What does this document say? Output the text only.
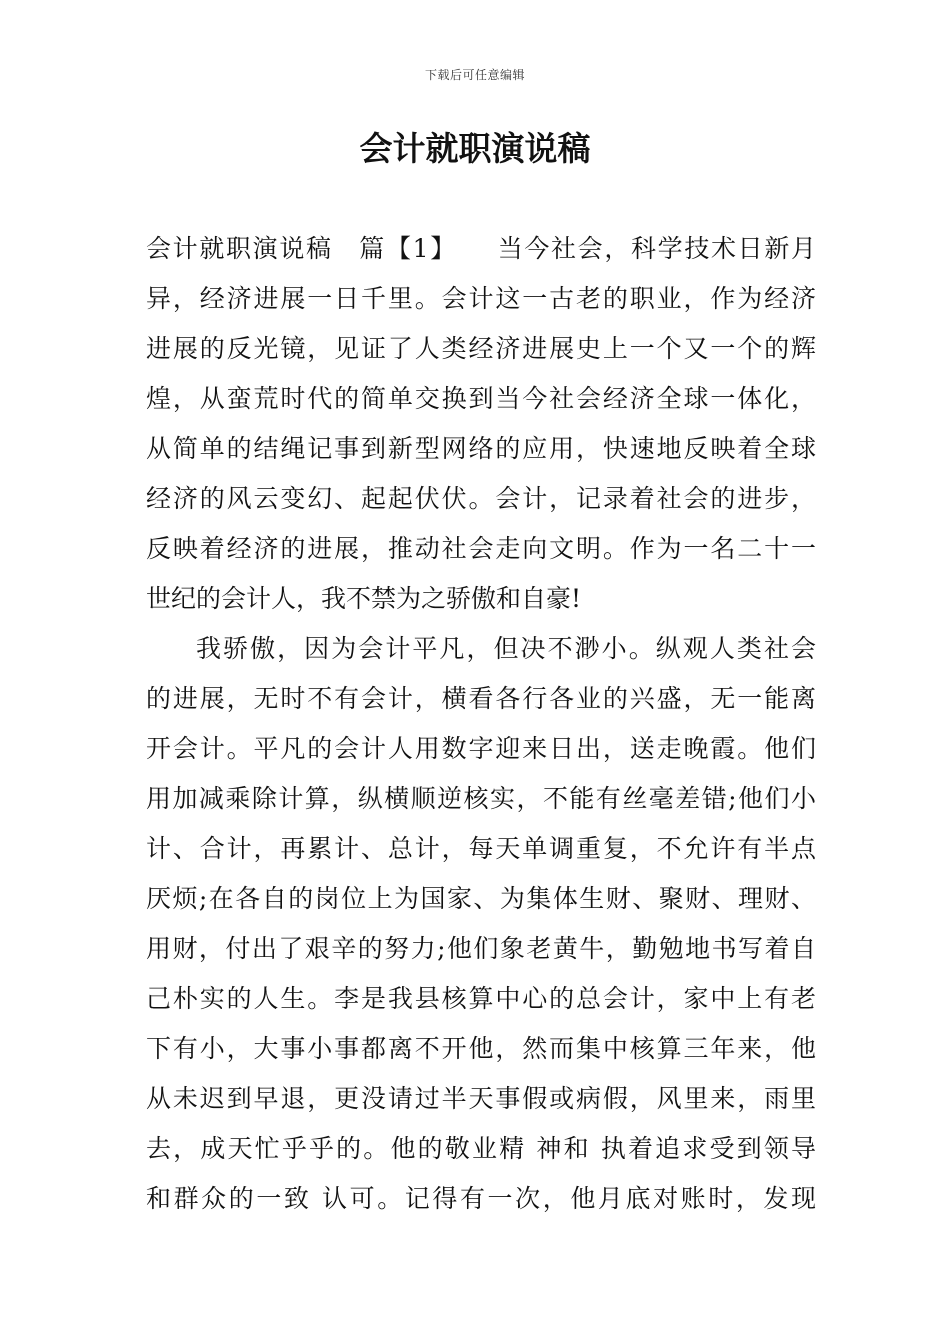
下载后可任意编辑
会计就职演说稿
会计就职演说稿　篇【1】　　当今社会，科学技术日新月
异，经济进展一日千里。会计这一古老的职业，作为经济
进展的反光镜，见证了人类经济进展史上一个又一个的辉
煌，从蛮荒时代的简单交换到当今社会经济全球一体化，
从简单的结绳记事到新型网络的应用，快速地反映着全球
经济的风云变幻、起起伏伏。会计，记录着社会的进步，
反映着经济的进展，推动社会走向文明。作为一名二十一
世纪的会计人，我不禁为之骄傲和自豪!
我骄傲，因为会计平凡，但决不渺小。纵观人类社会
的进展，无时不有会计，横看各行各业的兴盛，无一能离
开会计。平凡的会计人用数字迎来日出，送走晚霞。他们
用加减乘除计算，纵横顺逆核实，不能有丝毫差错;他们小
计、合计，再累计、总计，每天单调重复，不允许有半点
厌烦;在各自的岗位上为国家、为集体生财、聚财、理财、
用财，付出了艰辛的努力;他们象老黄牛，勤勉地书写着自
己朴实的人生。李是我县核算中心的总会计，家中上有老
下有小，大事小事都离不开他，然而集中核算三年来，他
从未迟到早退，更没请过半天事假或病假，风里来，雨里
去，成天忙乎乎的。他的敬业精 神和 执着追求受到领导
和群众的一致 认可。记得有一次，他月底对账时，发现
